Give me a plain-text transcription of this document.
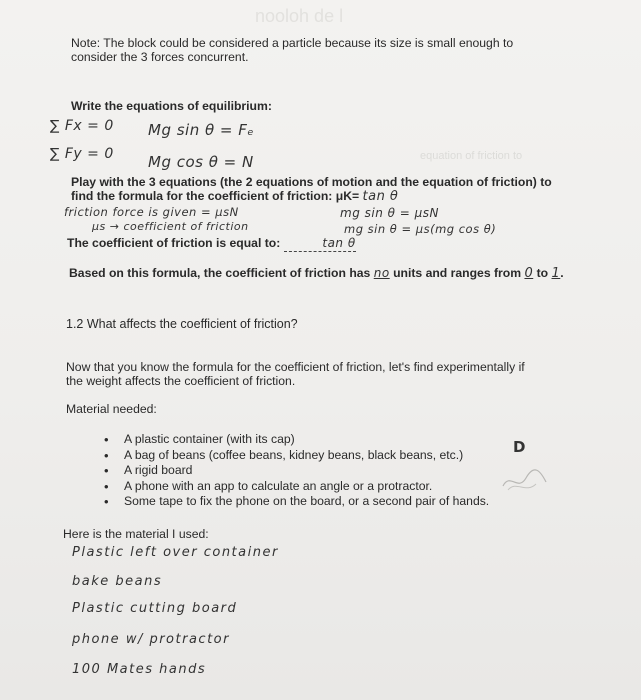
nooloh de l
equation of friction to
Note: The block could be considered a particle because its size is small enough to
consider the 3 forces concurrent.
Write the equations of equilibrium:
∑ Fx = 0 Mg sin θ = Fₑ
∑ Fy = 0 Mg cos θ = N
Play with the 3 equations (the 2 equations of motion and the equation of friction) to
find the formula for the coefficient of friction: μK= tan θ
friction force is given = μsN	mg sin θ = μsN
μs → coefficient of friction	mg sin θ = μs(mg cos θ)
The coefficient of friction is equal to:	tan θ
Based on this formula, the coefficient of friction has no units and ranges from 0 to 1.
1.2 What affects the coefficient of friction?
Now that you know the formula for the coefficient of friction, let's find experimentally if
the weight affects the coefficient of friction.
Material needed:
• A plastic container (with its cap)
• A bag of beans (coffee beans, kidney beans, black beans, etc.)
• A rigid board
• A phone with an app to calculate an angle or a protractor.
• Some tape to fix the phone on the board, or a second pair of hands.
D
Here is the material I used:
Plastic left over container
bake beans
Plastic cutting board
phone w/ protractor
100 Mates hands
